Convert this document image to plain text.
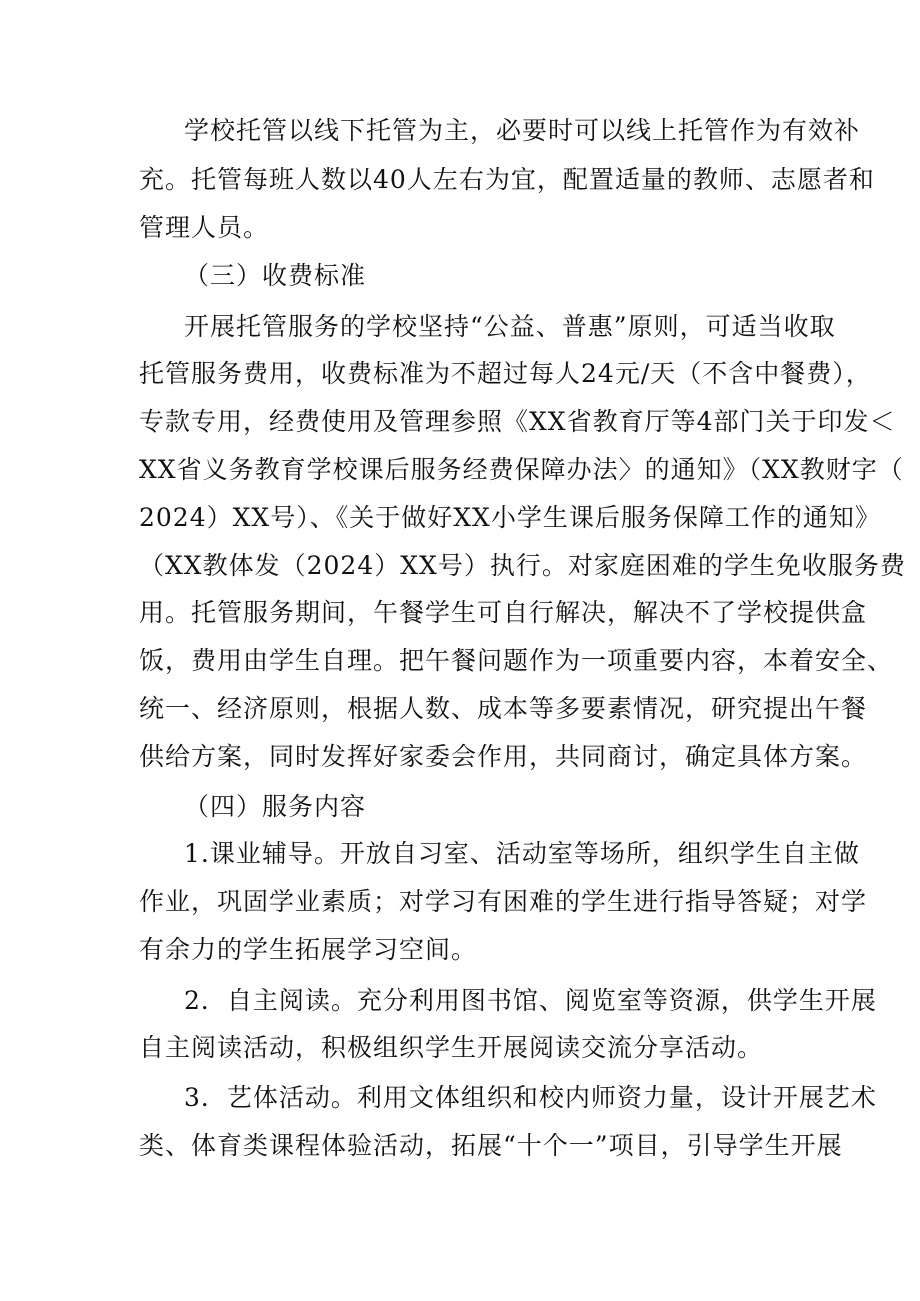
学校托管以线下托管为主，必要时可以线上托管作为有效补
充。托管每班人数以40人左右为宜，配置适量的教师、志愿者和
管理人员。
（三）收费标准
开展托管服务的学校坚持“公益、普惠”原则，可适当收取
托管服务费用，收费标准为不超过每人24元/天（不含中餐费），
专款专用，经费使用及管理参照《XX省教育厅等4部门关于印发＜
XX省义务教育学校课后服务经费保障办法〉的通知》（XX教财字（
2024）XX号）、《关于做好XX小学生课后服务保障工作的通知》
（XX教体发（2024）XX号）执行。对家庭困难的学生免收服务费
用。托管服务期间，午餐学生可自行解决，解决不了学校提供盒
饭，费用由学生自理。把午餐问题作为一项重要内容，本着安全、
统一、经济原则，根据人数、成本等多要素情况，研究提出午餐
供给方案，同时发挥好家委会作用，共同商讨，确定具体方案。
（四）服务内容
1.课业辅导。开放自习室、活动室等场所，组织学生自主做
作业，巩固学业素质；对学习有困难的学生进行指导答疑；对学
有余力的学生拓展学习空间。
2．自主阅读。充分利用图书馆、阅览室等资源，供学生开展
自主阅读活动，积极组织学生开展阅读交流分享活动。
3．艺体活动。利用文体组织和校内师资力量，设计开展艺术
类、体育类课程体验活动，拓展“十个一”项目，引导学生开展
